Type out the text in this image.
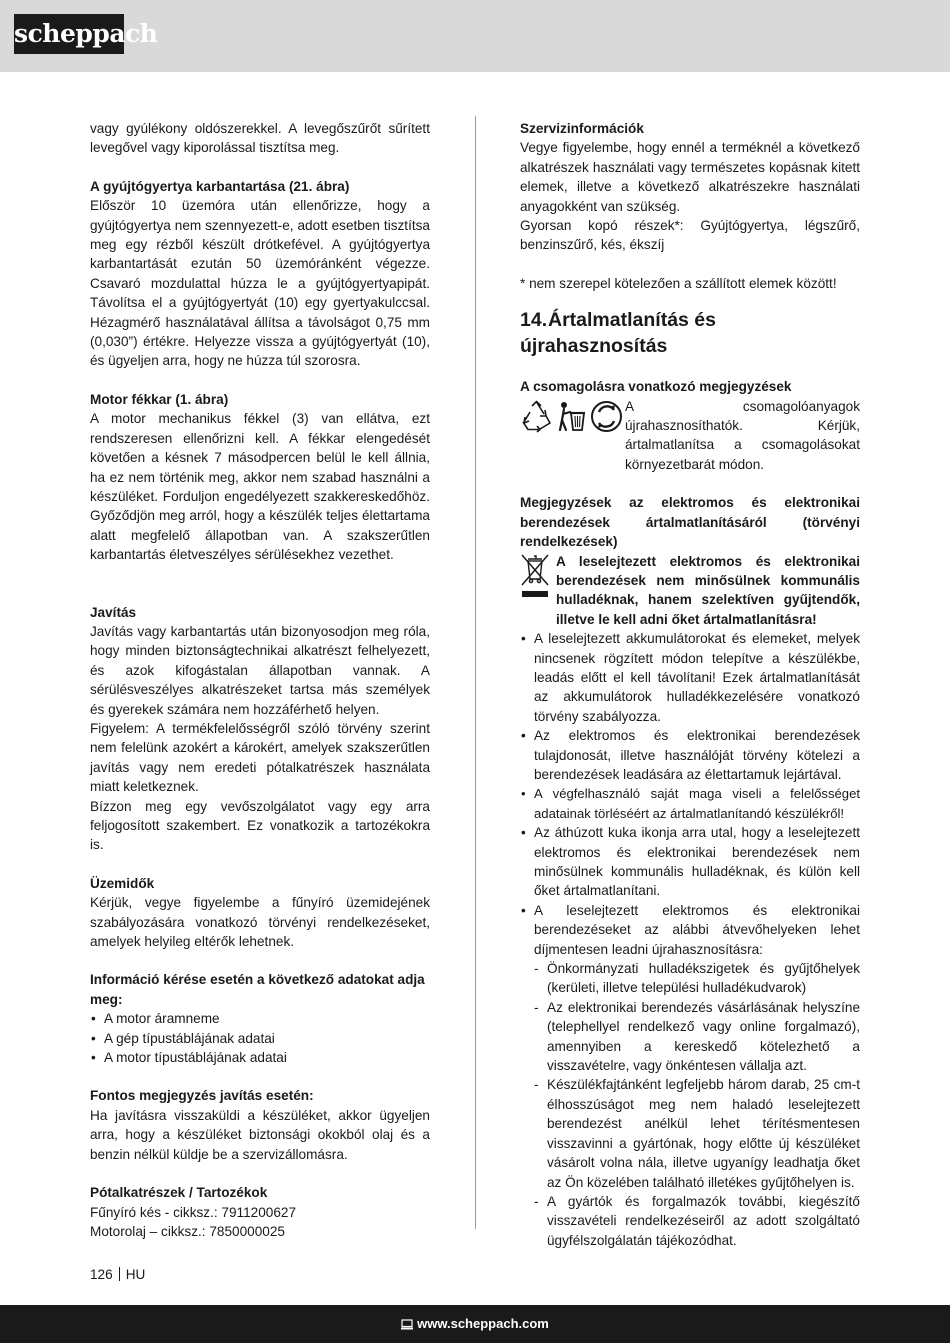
scheppach

vagy gyúlékony oldószerekkel. A levegőszűrőt sűrített levegővel vagy kiporolással tisztítsa meg.

A gyújtógyertya karbantartása (21. ábra)

Először 10 üzemóra után ellenőrizze, hogy a gyújtógyertya nem szennyezett-e, adott esetben tisztítsa meg egy rézből készült drótkefével. A gyújtógyertya karbantartását ezután 50 üzemóránként végezze. Csavaró mozdulattal húzza le a gyújtógyertyapipát. Távolítsa el a gyújtógyertyát (10) egy gyertyakulccsal. Hézagmérő használatával állítsa a távolságot 0,75 mm (0,030”) értékre. Helyezze vissza a gyújtógyertyát (10), és ügyeljen arra, hogy ne húzza túl szorosra.

Motor fékkar (1. ábra)

A motor mechanikus fékkel (3) van ellátva, ezt rendszeresen ellenőrizni kell. A fékkar elengedését követően a késnek 7 másodpercen belül le kell állnia, ha ez nem történik meg, akkor nem szabad használni a készüléket. Forduljon engedélyezett szakkereskedőhöz. Győződjön meg arról, hogy a készülék teljes élettartama alatt megfelelő állapotban van. A szakszerűtlen karbantartás életveszélyes sérülésekhez vezethet.

Javítás

Javítás vagy karbantartás után bizonyosodjon meg róla, hogy minden biztonságtechnikai alkatrészt felhelyezett, és azok kifogástalan állapotban vannak. A sérülésveszélyes alkatrészeket tartsa más személyek és gyerekek számára nem hozzáférhető helyen.

Figyelem: A termékfelelősségről szóló törvény szerint nem felelünk azokért a károkért, amelyek szakszerűtlen javítás vagy nem eredeti pótalkatrészek használata miatt keletkeznek.

Bízzon meg egy vevőszolgálatot vagy egy arra feljogosított szakembert. Ez vonatkozik a tartozékokra is.

Üzemidők

Kérjük, vegye figyelembe a fűnyíró üzemidejének szabályozására vonatkozó törvényi rendelkezéseket, amelyek helyileg eltérők lehetnek.

Információ kérése esetén a következő adatokat adja meg:

• A motor áramneme
• A gép típustáblájának adatai
• A motor típustáblájának adatai

Fontos megjegyzés javítás esetén:

Ha javításra visszaküldi a készüléket, akkor ügyeljen arra, hogy a készüléket biztonsági okokból olaj és a benzin nélkül küldje be a szervizállomásra.

Pótalkatrészek / Tartozékok

Fűnyíró kés - cikksz.: 7911200627

Motorolaj – cikksz.: 7850000025

Szervizinformációk

Vegye figyelembe, hogy ennél a terméknél a következő alkatrészek használati vagy természetes kopásnak kitett elemek, illetve a következő alkatrészekre használati anyagokként van szükség.

Gyorsan kopó részek*: Gyújtógyertya, légszűrő, benzinszűrő, kés, ékszíj

* nem szerepel kötelezően a szállított elemek között!

14.Ártalmatlanítás és újrahasznosítás

A csomagolásra vonatkozó megjegyzések

A csomagolóanyagok újrahasznosíthatók. Kérjük, ártalmatlanítsa a csomagolásokat környezetbarát módon.

Megjegyzések az elektromos és elektronikai berendezések ártalmatlanításáról (törvényi rendelkezések)

A leselejtezett elektromos és elektronikai berendezések nem minősülnek kommunális hulladéknak, hanem szelektíven gyűjtendők, illetve le kell adni őket ártalmatlanításra!

• A leselejtezett akkumulátorokat és elemeket, melyek nincsenek rögzített módon telepítve a készülékbe, leadás előtt el kell távolítani! Ezek ártalmatlanítását az akkumulátorok hulladékkezelésére vonatkozó törvény szabályozza.
• Az elektromos és elektronikai berendezések tulajdonosát, illetve használóját törvény kötelezi a berendezések leadására az élettartamuk lejártával.
• A végfelhasználó saját maga viseli a felelősséget adatainak törléséért az ártalmatlanítandó készülékről!
• Az áthúzott kuka ikonja arra utal, hogy a leselejtezett elektromos és elektronikai berendezések nem minősülnek kommunális hulladéknak, és külön kell őket ártalmatlanítani.
• A leselejtezett elektromos és elektronikai berendezéseket az alábbi átvevőhelyeken lehet díjmentesen leadni újrahasznosításra:
- Önkormányzati hulladékszigetek és gyűjtőhelyek (kerületi, illetve települési hulladékudvarok)
- Az elektronikai berendezés vásárlásának helyszíne (telephellyel rendelkező vagy online forgalmazó), amennyiben a kereskedő kötelezhető a visszavételre, vagy önkéntesen vállalja azt.
- Készülékfajtánként legfeljebb három darab, 25 cm-t élhosszúságot meg nem haladó leselejtezett berendezést anélkül lehet térítésmentesen visszavinni a gyártónak, hogy előtte új készüléket vásárolt volna nála, illetve ugyanígy leadhatja őket az Ön közelében található illetékes gyűjtőhelyen is.
- A gyártók és forgalmazók további, kiegészítő visszavételi rendelkezéseiről az adott szolgáltató ügyfélszolgálatán tájékozódhat.
126 HU
www.scheppach.com
